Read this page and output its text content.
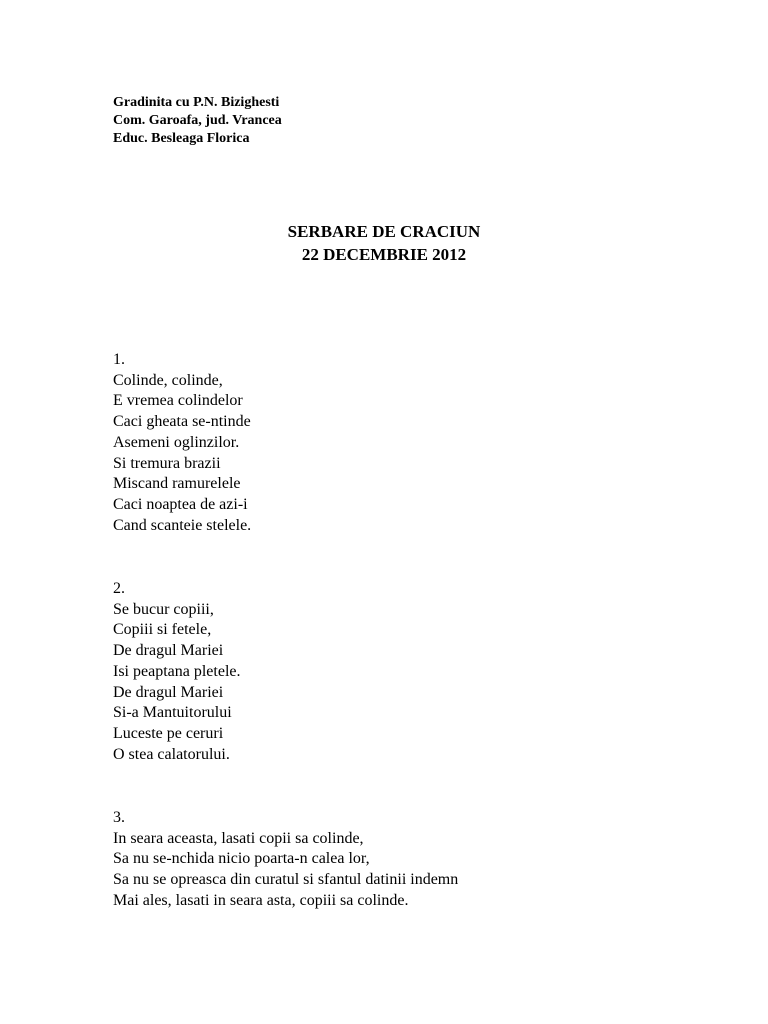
Gradinita cu P.N. Bizighesti
Com. Garoafa, jud. Vrancea
Educ. Besleaga Florica
SERBARE DE CRACIUN
22 DECEMBRIE 2012
1.
Colinde, colinde,
E vremea colindelor
Caci gheata se-ntinde
Asemeni oglinzilor.
Si tremura brazii
Miscand ramurelele
Caci noaptea de azi-i
Cand scanteie stelele.
2.
Se bucur copiii,
Copiii si fetele,
De dragul Mariei
Isi peaptana pletele.
De dragul Mariei
Si-a Mantuitorului
Luceste pe ceruri
O stea calatorului.
3.
In seara aceasta, lasati copii sa colinde,
Sa nu se-nchida nicio poarta-n calea lor,
Sa nu se opreasca din curatul si sfantul datinii indemn
Mai ales, lasati in seara asta, copiii sa colinde.
